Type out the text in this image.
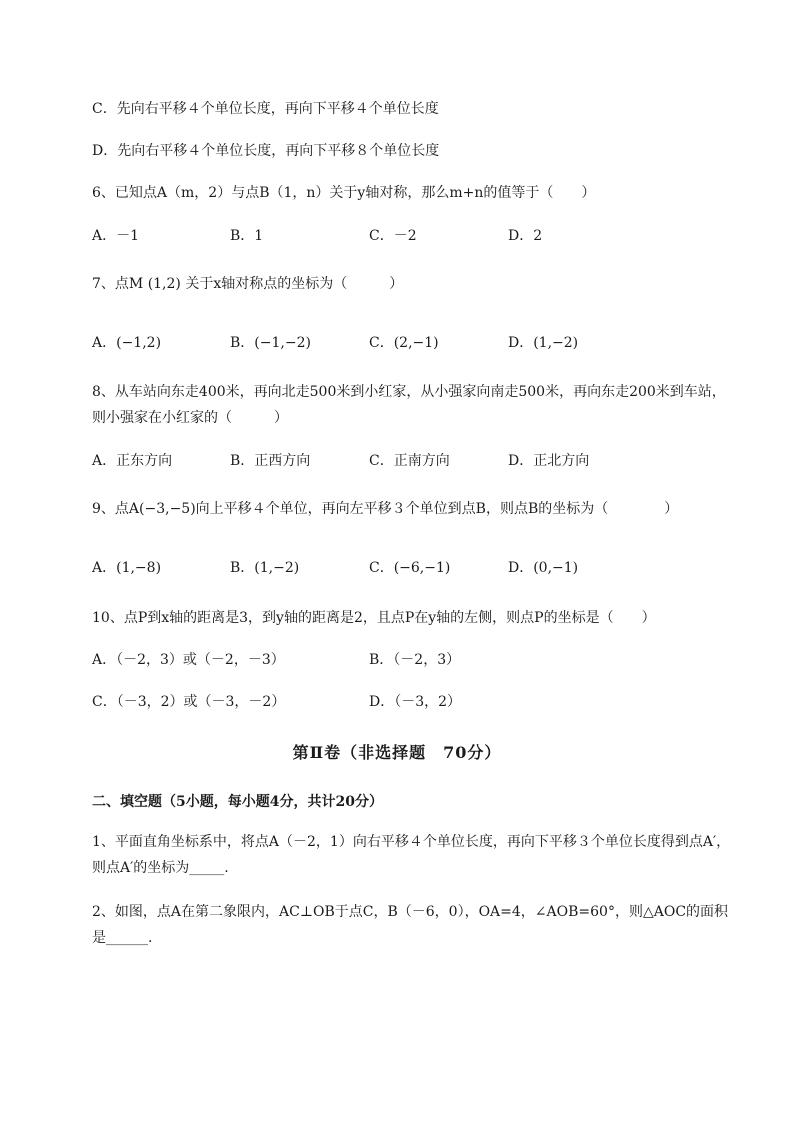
C．先向右平移４个单位长度，再向下平移４个单位长度
D．先向右平移４个单位长度，再向下平移８个单位长度
6、已知点A（m，2）与点B（1，n）关于y轴对称，那么m+n的值等于（　　）
A．－1	B．1	C．－2	D．2
7、点M (1,2) 关于x轴对称点的坐标为（　　　）
A．(−1,2)	B．(−1,−2)	C．(2,−1)	D．(1,−2)
8、从车站向东走400米，再向北走500米到小红家，从小强家向南走500米，再向东走200米到车站，则小强家在小红家的（　　　）
A．正东方向	B．正西方向	C．正南方向	D．正北方向
9、点A(−3,−5)向上平移４个单位，再向左平移３个单位到点B，则点B的坐标为（　　　　）
A．(1,−8)	B．(1,−2)	C．(−6,−1)	D．(0,−1)
10、点P到x轴的距离是3，到y轴的距离是2，且点P在y轴的左侧，则点P的坐标是（　　）
A．（－2，3）或（－2，－3）	B．（－2，3）
C．（－3，2）或（－3，－2）	D．（－3，2）
第Ⅱ卷（非选择题　70分）
二、填空题（5小题，每小题4分，共计20分）
1、平面直角坐标系中，将点A（－2，1）向右平移４个单位长度，再向下平移３个单位长度得到点A′，则点A′的坐标为_____.
2、如图，点A在第二象限内，AC⊥OB于点C，B（－6，0），OA=4，∠AOB=60°，则△AOC的面积是______.
